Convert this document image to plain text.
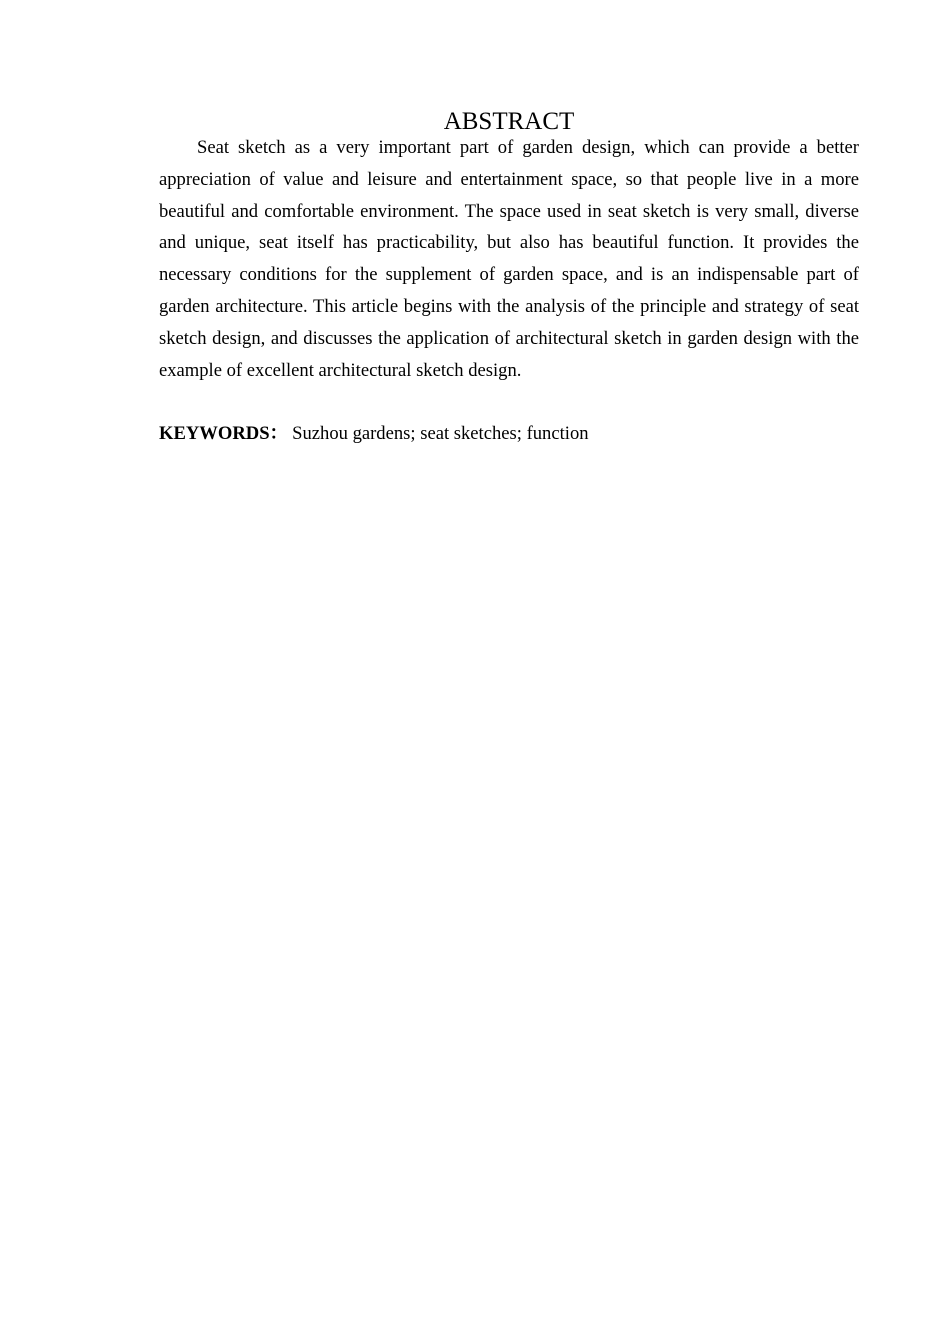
ABSTRACT

Seat sketch as a very important part of garden design, which can provide a better appreciation of value and leisure and entertainment space, so that people live in a more beautiful and comfortable environment. The space used in seat sketch is very small, diverse and unique, seat itself has practicability, but also has beautiful function. It provides the necessary conditions for the supplement of garden space, and is an indispensable part of garden architecture. This article begins with the analysis of the principle and strategy of seat sketch design, and discusses the application of architectural sketch in garden design with the example of excellent architectural sketch design.

KEYWORDS： Suzhou gardens; seat sketches; function
